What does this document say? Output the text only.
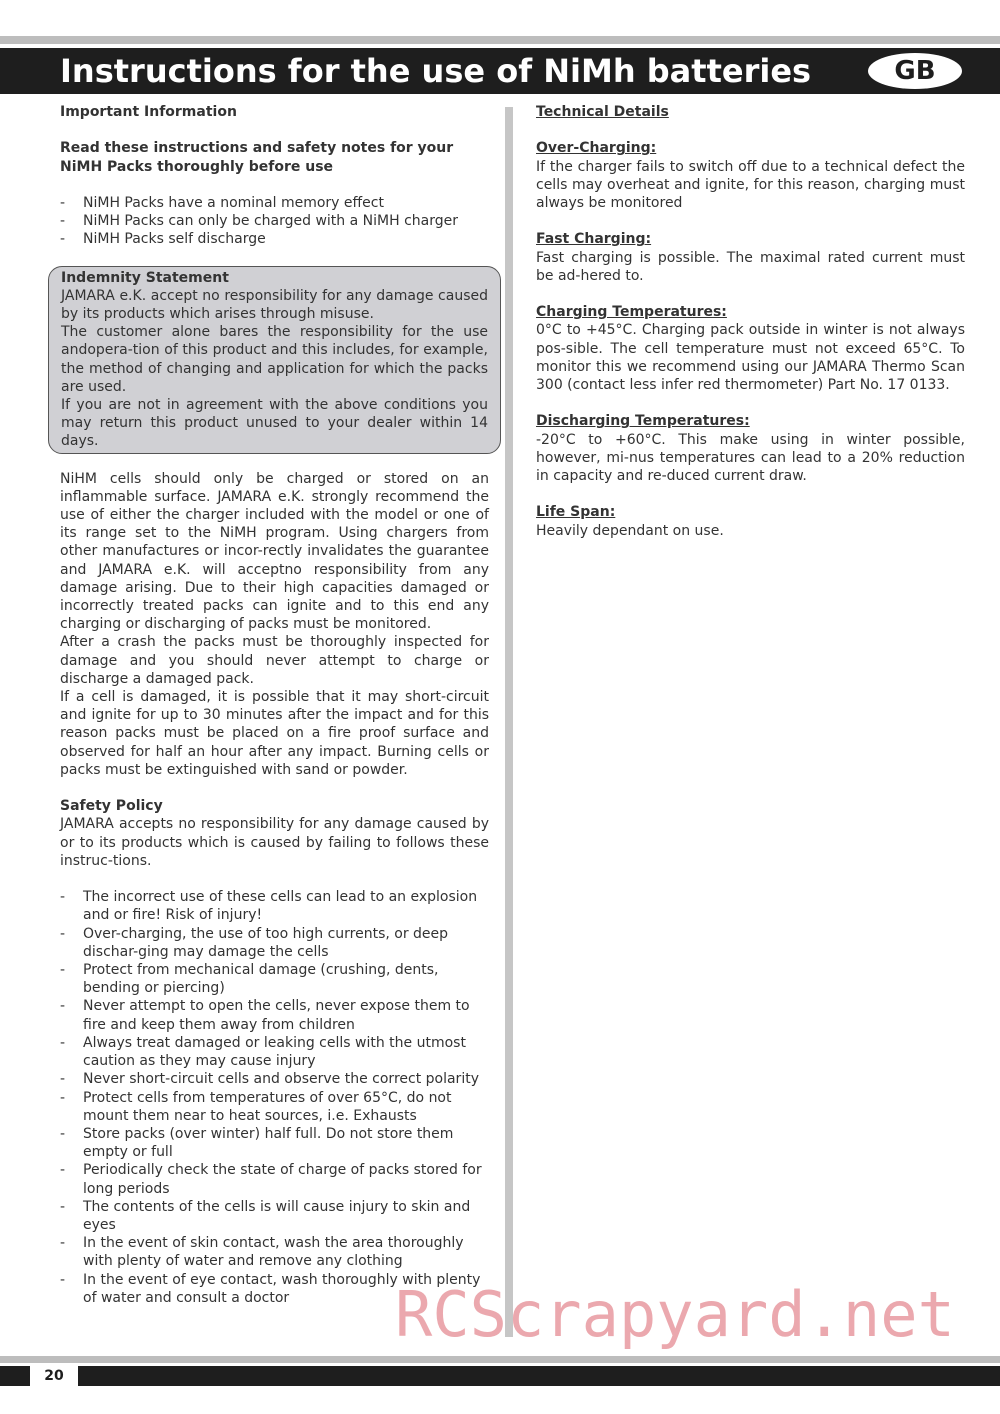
Instructions for the use of NiMh batteries	GB
Important Information
Read these instructions and safety notes for your NiMH Packs thoroughly before use
- NiMH Packs have a nominal memory effect
- NiMH Packs can only be charged with a NiMH charger
- NiMH Packs self discharge
Indemnity Statement
JAMARA e.K. accept no responsibility for any damage caused by its products which arises through misuse.
The customer alone bares the responsibility for the use andopera-tion of this product and this includes, for example, the method of changing and application for which the packs are used.
If you are not in agreement with the above conditions you may return this product unused to your dealer within 14 days.
NiHM cells should only be charged or stored on an inflammable surface. JAMARA e.K. strongly recommend the use of either the charger included with the model or one of its range set to the NiMH program. Using chargers from other manufactures or incor-rectly invalidates the guarantee and JAMARA e.K. will acceptno responsibility from any damage arising. Due to their high capacities damaged or incorrectly treated packs can ignite and to this end any charging or discharging of packs must be monitored.
After a crash the packs must be thoroughly inspected for damage and you should never attempt to charge or discharge a damaged pack.
If a cell is damaged, it is possible that it may short-circuit and ignite for up to 30 minutes after the impact and for this reason packs must be placed on a fire proof surface and observed for half an hour after any impact. Burning cells or packs must be extinguished with sand or powder.
Safety Policy
JAMARA accepts no responsibility for any damage caused by or to its products which is caused by failing to follows these instruc-tions.
- The incorrect use of these cells can lead to an explosion and or fire! Risk of injury!
- Over-charging, the use of too high currents, or deep dischar-ging may damage the cells
- Protect from mechanical damage (crushing, dents, bending or piercing)
- Never attempt to open the cells, never expose them to fire and keep them away from children
- Always treat damaged or leaking cells with the utmost caution as they may cause injury
- Never short-circuit cells and observe the correct polarity
- Protect cells from temperatures of over 65°C, do not mount them near to heat sources, i.e. Exhausts
- Store packs (over winter) half full. Do not store them empty or full
- Periodically check the state of charge of packs stored for long periods
- The contents of the cells is will cause injury to skin and eyes
- In the event of skin contact, wash the area thoroughly with plenty of water and remove any clothing
- In the event of eye contact, wash thoroughly with plenty of water and consult a doctor
Technical Details
Over-Charging:
If the charger fails to switch off due to a technical defect the cells may overheat and ignite, for this reason, charging must always be monitored
Fast Charging:
Fast charging is possible. The maximal rated current must be ad-hered to.
Charging Temperatures:
0°C to +45°C. Charging pack outside in winter is not always pos-sible. The cell temperature must not exceed 65°C. To monitor this we recommend using our JAMARA Thermo Scan 300 (contact less infer red thermometer) Part No. 17 0133.
Discharging Temperatures:
-20°C to +60°C. This make using in winter possible, however, mi-nus temperatures can lead to a 20% reduction in capacity and re-duced current draw.
Life Span:
Heavily dependant on use.
RCScrapyard.net
20
